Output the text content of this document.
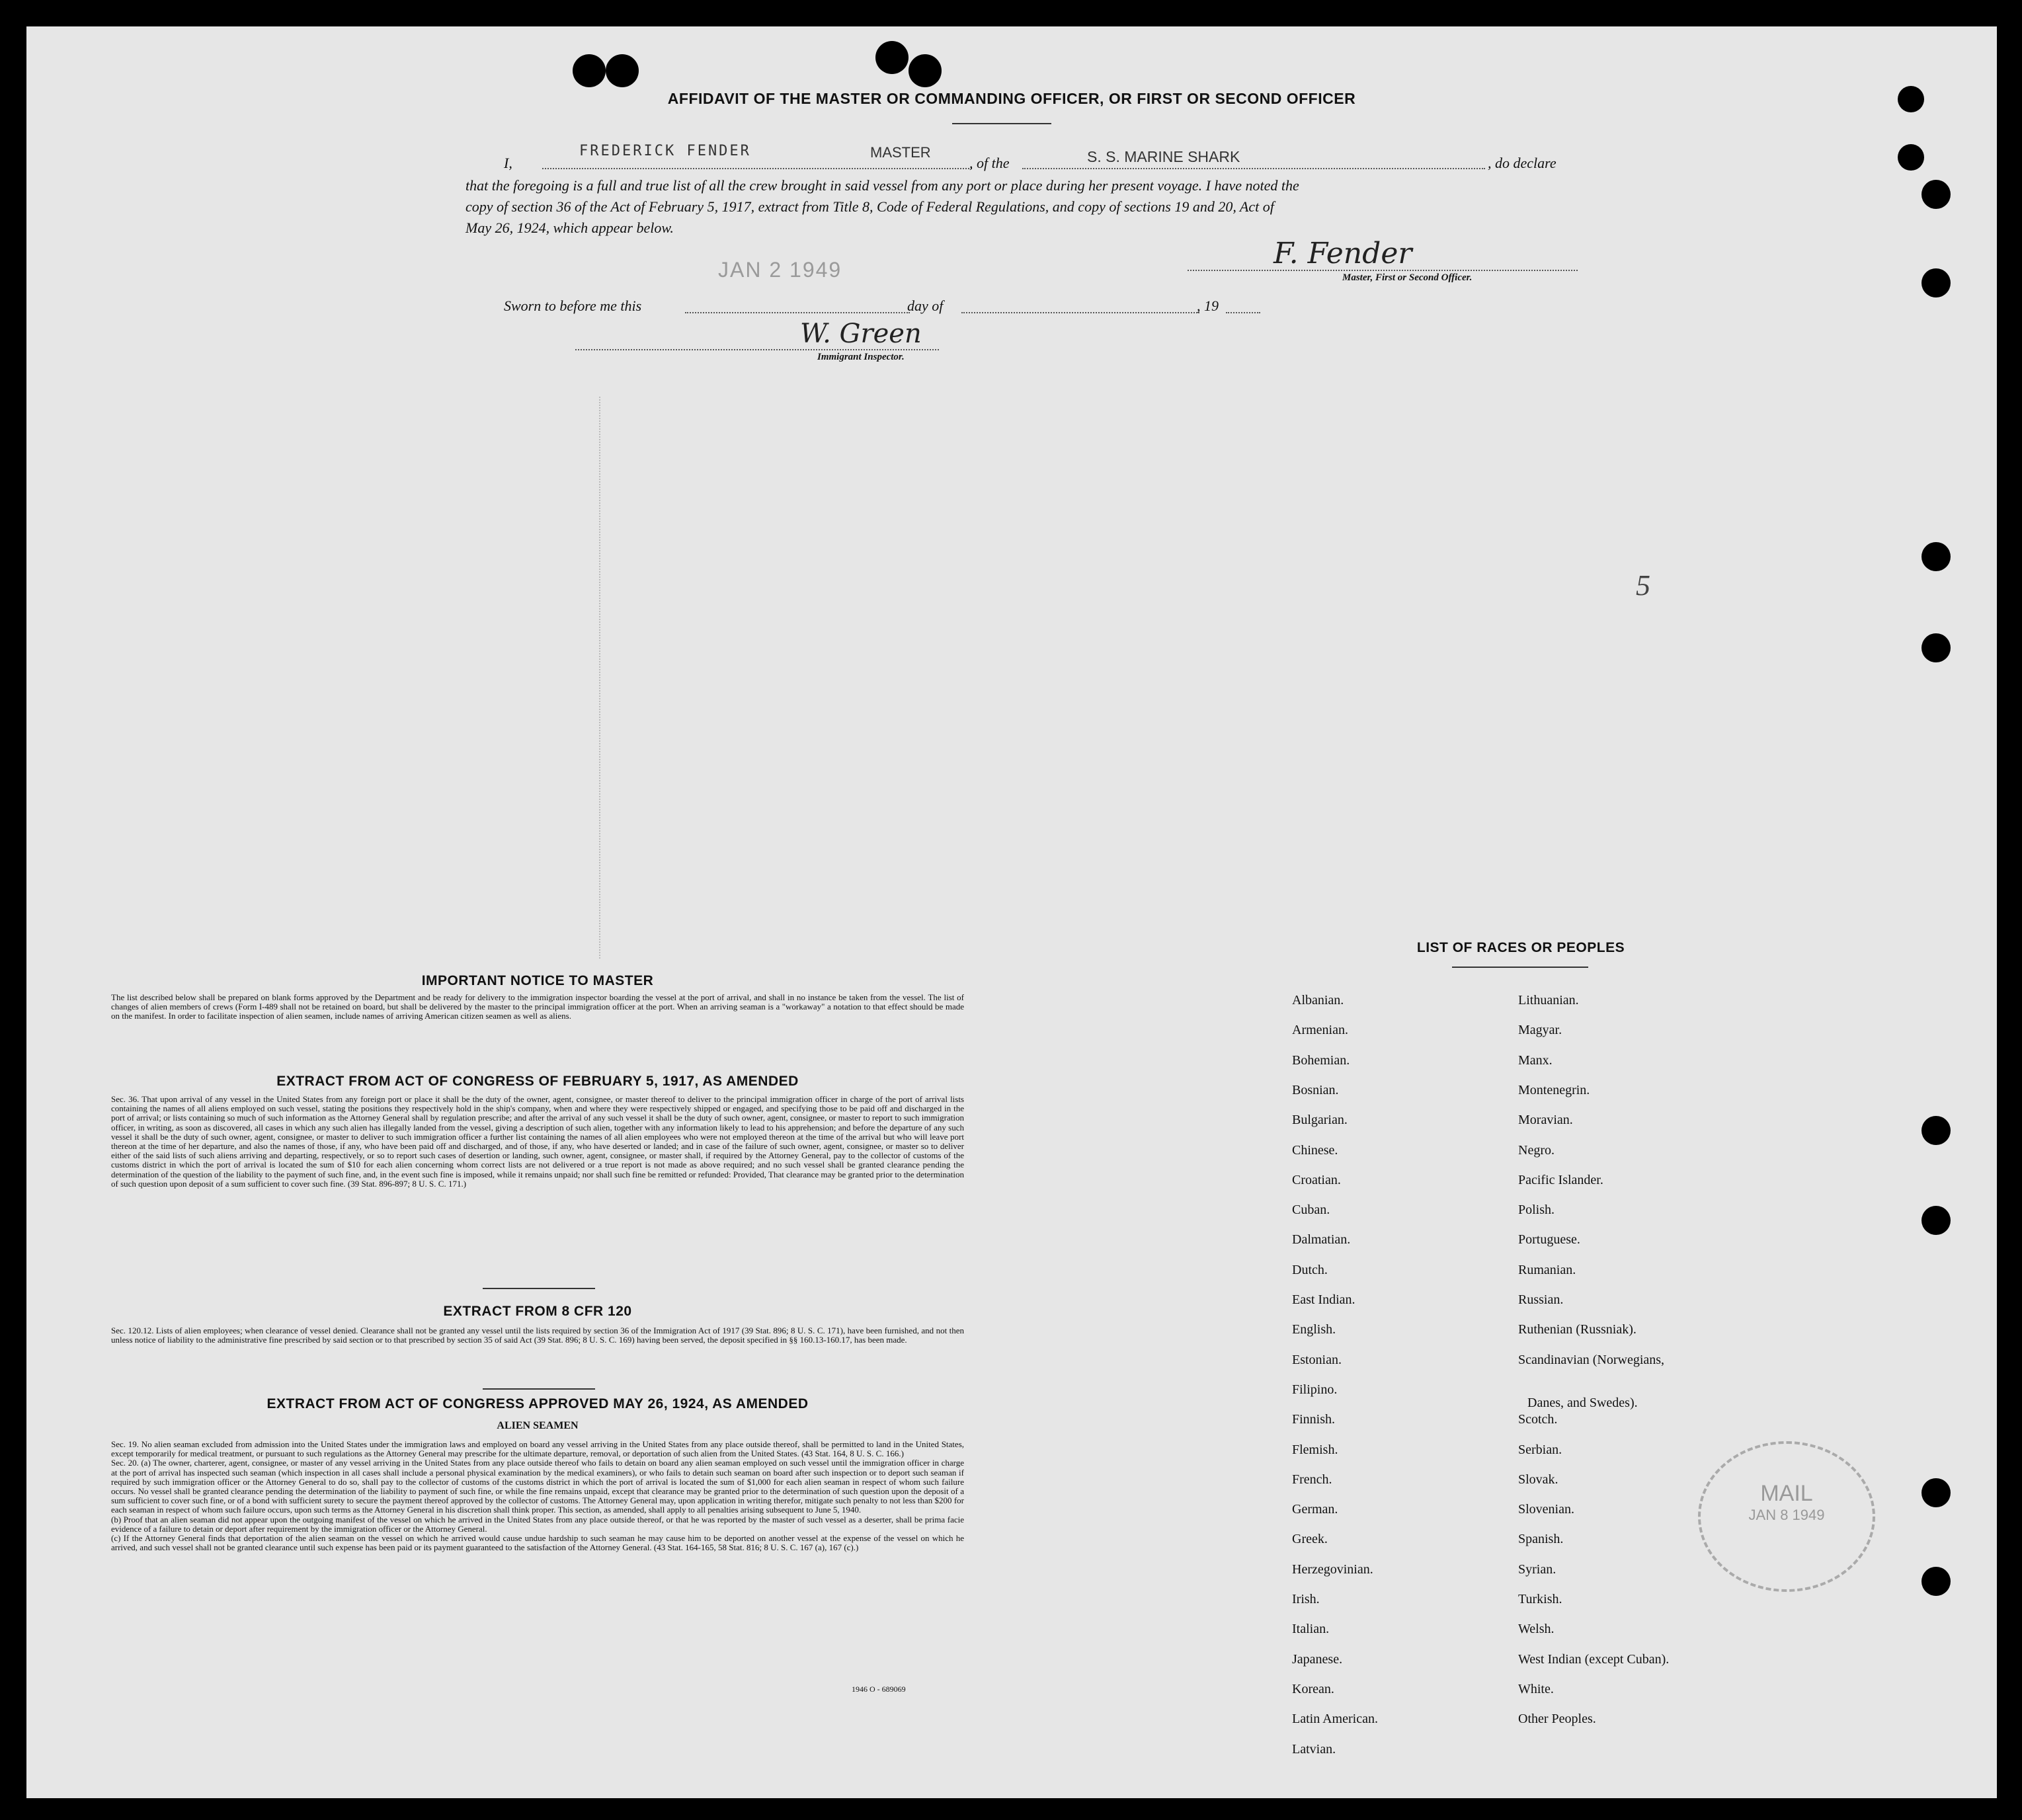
AFFIDAVIT OF THE MASTER OR COMMANDING OFFICER, OR FIRST OR SECOND OFFICER
I,
FREDERICK FENDER	MASTER
, of the	S. S. MARINE SHARK	, do declare
that the foregoing is a full and true list of all the crew brought in said vessel from any port or place during her present voyage. I have noted the
copy of section 36 of the Act of February 5, 1917, extract from Title 8, Code of Federal Regulations, and copy of sections 19 and 20, Act of
May 26, 1924, which appear below.
JAN 2 1949	F. Fender
Master, First or Second Officer.
Sworn to before me this	day of	, 19
W. Green
Immigrant Inspector.
5
IMPORTANT NOTICE TO MASTER
The list described below shall be prepared on blank forms approved by the Department and be ready for delivery to the immigration inspector boarding the vessel at the port of arrival, and shall in no instance be taken from the vessel. The list of changes of alien members of crews (Form I-489 shall not be retained on board, but shall be delivered by the master to the principal immigration officer at the port. When an arriving seaman is a "workaway" a notation to that effect should be made on the manifest. In order to facilitate inspection of alien seamen, include names of arriving American citizen seamen as well as aliens.
EXTRACT FROM ACT OF CONGRESS OF FEBRUARY 5, 1917, AS AMENDED
Sec. 36. That upon arrival of any vessel in the United States from any foreign port or place it shall be the duty of the owner, agent, consignee, or master thereof to deliver to the principal immigration officer in charge of the port of arrival lists containing the names of all aliens employed on such vessel, stating the positions they respectively hold in the ship's company, when and where they were respectively shipped or engaged, and specifying those to be paid off and discharged in the port of arrival; or lists containing so much of such information as the Attorney General shall by regulation prescribe; and after the arrival of any such vessel it shall be the duty of such owner, agent, consignee, or master to report to such immigration officer, in writing, as soon as discovered, all cases in which any such alien has illegally landed from the vessel, giving a description of such alien, together with any information likely to lead to his apprehension; and before the departure of any such vessel it shall be the duty of such owner, agent, consignee, or master to deliver to such immigration officer a further list containing the names of all alien employees who were not employed thereon at the time of the arrival but who will leave port thereon at the time of her departure, and also the names of those, if any, who have been paid off and discharged, and of those, if any, who have deserted or landed; and in case of the failure of such owner, agent, consignee, or master so to deliver either of the said lists of such aliens arriving and departing, respectively, or so to report such cases of desertion or landing, such owner, agent, consignee, or master shall, if required by the Attorney General, pay to the collector of customs of the customs district in which the port of arrival is located the sum of $10 for each alien concerning whom correct lists are not delivered or a true report is not made as above required; and no such vessel shall be granted clearance pending the determination of the question of the liability to the payment of such fine, and, in the event such fine is imposed, while it remains unpaid; nor shall such fine be remitted or refunded: Provided, That clearance may be granted prior to the determination of such question upon deposit of a sum sufficient to cover such fine. (39 Stat. 896-897; 8 U. S. C. 171.)
EXTRACT FROM 8 CFR 120
Sec. 120.12. Lists of alien employees; when clearance of vessel denied. Clearance shall not be granted any vessel until the lists required by section 36 of the Immigration Act of 1917 (39 Stat. 896; 8 U. S. C. 171), have been furnished, and not then unless notice of liability to the administrative fine prescribed by said section or to that prescribed by section 35 of said Act (39 Stat. 896; 8 U. S. C. 169) having been served, the deposit specified in §§ 160.13-160.17, has been made.
EXTRACT FROM ACT OF CONGRESS APPROVED MAY 26, 1924, AS AMENDED
ALIEN SEAMEN
Sec. 19. No alien seaman excluded from admission into the United States under the immigration laws and employed on board any vessel arriving in the United States from any place outside thereof, shall be permitted to land in the United States, except temporarily for medical treatment, or pursuant to such regulations as the Attorney General may prescribe for the ultimate departure, removal, or deportation of such alien from the United States. (43 Stat. 164, 8 U. S. C. 166.)
Sec. 20. (a) The owner, charterer, agent, consignee, or master of any vessel arriving in the United States from any place outside thereof who fails to detain on board any alien seaman employed on such vessel until the immigration officer in charge at the port of arrival has inspected such seaman (which inspection in all cases shall include a personal physical examination by the medical examiners), or who fails to detain such seaman on board after such inspection or to deport such seaman if required by such immigration officer or the Attorney General to do so, shall pay to the collector of customs of the customs district in which the port of arrival is located the sum of $1,000 for each alien seaman in respect of whom such failure occurs. No vessel shall be granted clearance pending the determination of the liability to payment of such fine, or while the fine remains unpaid, except that clearance may be granted prior to the determination of such question upon the deposit of a sum sufficient to cover such fine, or of a bond with sufficient surety to secure the payment thereof approved by the collector of customs. The Attorney General may, upon application in writing therefor, mitigate such penalty to not less than $200 for each seaman in respect of whom such failure occurs, upon such terms as the Attorney General in his discretion shall think proper. This section, as amended, shall apply to all penalties arising subsequent to June 5, 1940.
(b) Proof that an alien seaman did not appear upon the outgoing manifest of the vessel on which he arrived in the United States from any place outside thereof, or that he was reported by the master of such vessel as a deserter, shall be prima facie evidence of a failure to detain or deport after requirement by the immigration officer or the Attorney General.
(c) If the Attorney General finds that deportation of the alien seaman on the vessel on which he arrived would cause undue hardship to such seaman he may cause him to be deported on another vessel at the expense of the vessel on which he arrived, and such vessel shall not be granted clearance until such expense has been paid or its payment guaranteed to the satisfaction of the Attorney General. (43 Stat. 164-165, 58 Stat. 816; 8 U. S. C. 167 (a), 167 (c).)
1946 O - 689069
LIST OF RACES OR PEOPLES
Albanian.
Armenian.
Bohemian.
Bosnian.
Bulgarian.
Chinese.
Croatian.
Cuban.
Dalmatian.
Dutch.
East Indian.
English.
Estonian.
Filipino.
Finnish.
Flemish.
French.
German.
Greek.
Herzegovinian.
Irish.
Italian.
Japanese.
Korean.
Latin American.
Latvian.
Lithuanian.
Magyar.
Manx.
Montenegrin.
Moravian.
Negro.
Pacific Islander.
Polish.
Portuguese.
Rumanian.
Russian.
Ruthenian (Russniak).
Scandinavian (Norwegians,
Danes, and Swedes).
Scotch.
Serbian.
Slovak.
Slovenian.
Spanish.
Syrian.
Turkish.
Welsh.
West Indian (except Cuban).
White.
Other Peoples.
MAIL
JAN 8 1949
